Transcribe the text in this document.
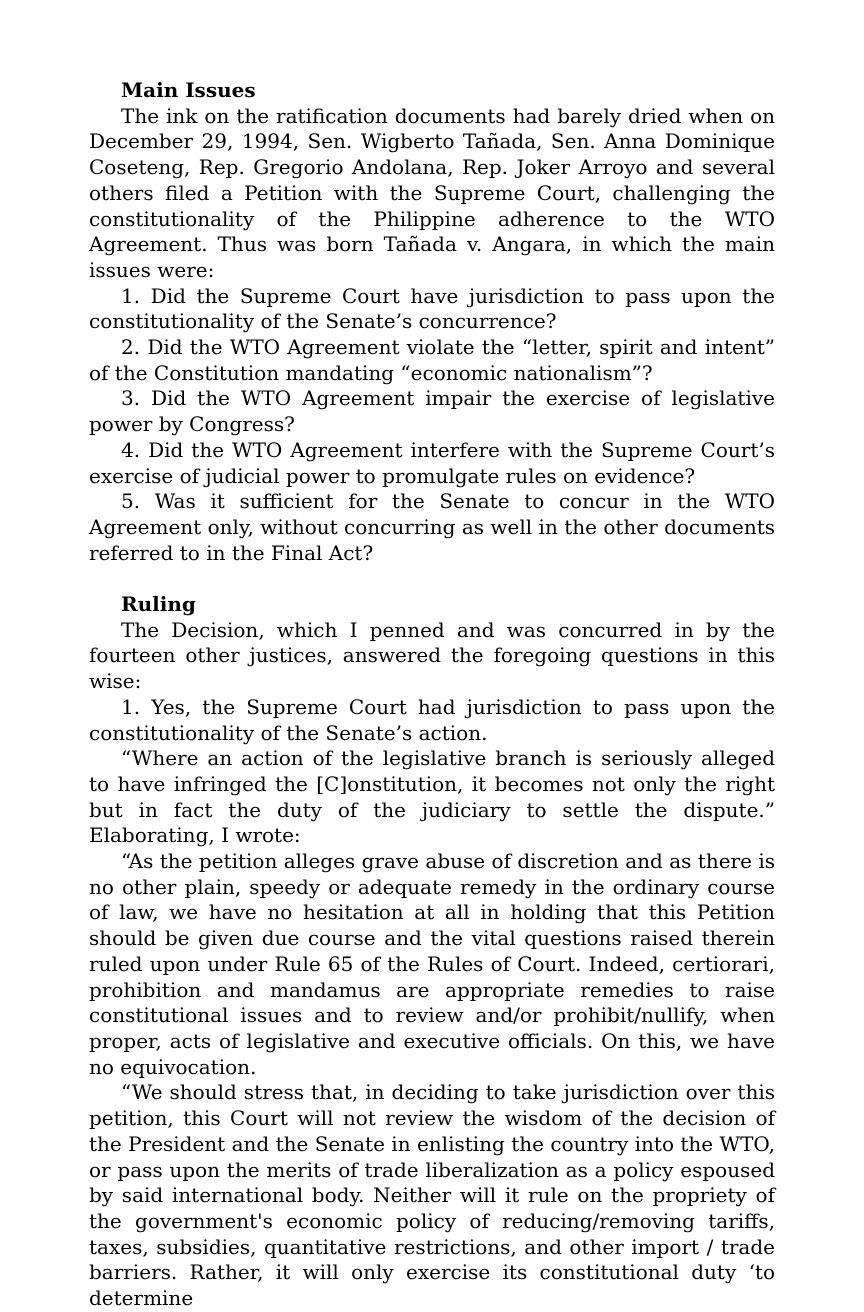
Main Issues

The ink on the ratification documents had barely dried when on December 29, 1994, Sen. Wigberto Tañada, Sen. Anna Dominique Coseteng, Rep. Gregorio Andolana, Rep. Joker Arroyo and several others filed a Petition with the Supreme Court, challenging the constitutionality of the Philippine adherence to the WTO Agreement. Thus was born Tañada v. Angara, in which the main issues were:

1. Did the Supreme Court have jurisdiction to pass upon the constitutionality of the Senate’s concurrence?

2. Did the WTO Agreement violate the “letter, spirit and intent” of the Constitution mandating “economic nationalism”?

3. Did the WTO Agreement impair the exercise of legislative power by Congress?

4. Did the WTO Agreement interfere with the Supreme Court’s exercise of judicial power to promulgate rules on evidence?

5. Was it sufficient for the Senate to concur in the WTO Agreement only, without concurring as well in the other documents referred to in the Final Act?

Ruling

The Decision, which I penned and was concurred in by the fourteen other justices, answered the foregoing questions in this wise:

1. Yes, the Supreme Court had jurisdiction to pass upon the constitutionality of the Senate’s action.

“Where an action of the legislative branch is seriously alleged to have infringed the [C]onstitution, it becomes not only the right but in fact the duty of the judiciary to settle the dispute.” Elaborating, I wrote:

“As the petition alleges grave abuse of discretion and as there is no other plain, speedy or adequate remedy in the ordinary course of law, we have no hesitation at all in holding that this Petition should be given due course and the vital questions raised therein ruled upon under Rule 65 of the Rules of Court. Indeed, certiorari, prohibition and mandamus are appropriate remedies to raise constitutional issues and to review and/or prohibit/nullify, when proper, acts of legislative and executive officials. On this, we have no equivocation.

“We should stress that, in deciding to take jurisdiction over this petition, this Court will not review the wisdom of the decision of the President and the Senate in enlisting the country into the WTO, or pass upon the merits of trade liberalization as a policy espoused by said international body. Neither will it rule on the propriety of the government's economic policy of reducing/removing tariffs, taxes, subsidies, quantitative restrictions, and other import / trade barriers. Rather, it will only exercise its constitutional duty ‘to determine
